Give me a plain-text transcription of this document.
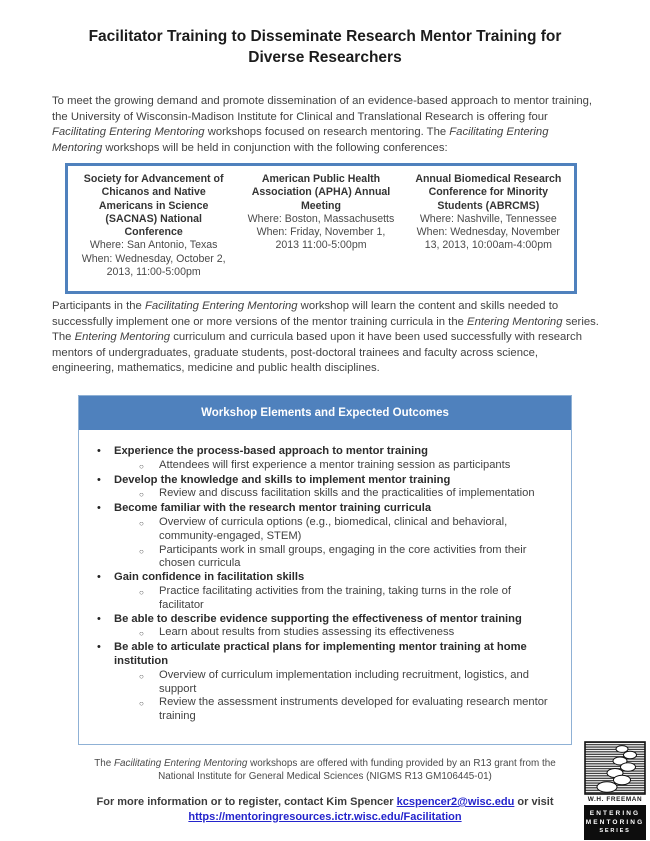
Facilitator Training to Disseminate Research Mentor Training for
Diverse Researchers
To meet the growing demand and promote dissemination of an evidence-based approach to mentor training, the University of Wisconsin-Madison Institute for Clinical and Translational Research is offering four Facilitating Entering Mentoring workshops focused on research mentoring. The Facilitating Entering Mentoring workshops will be held in conjunction with the following conferences:
Society for Advancement of Chicanos and Native Americans in Science (SACNAS) National Conference
Where: San Antonio, Texas
When: Wednesday, October 2, 2013, 11:00-5:00pm
American Public Health Association (APHA) Annual Meeting
Where: Boston, Massachusetts
When: Friday, November 1, 2013 11:00-5:00pm
Annual Biomedical Research Conference for Minority Students (ABRCMS)
Where: Nashville, Tennessee
When: Wednesday, November 13, 2013, 10:00am-4:00pm
Participants in the Facilitating Entering Mentoring workshop will learn the content and skills needed to successfully implement one or more versions of the mentor training curricula in the Entering Mentoring series. The Entering Mentoring curriculum and curricula based upon it have been used successfully with research mentors of undergraduates, graduate students, post-doctoral trainees and faculty across science, engineering, mathematics, medicine and public health disciplines.
Workshop Elements and Expected Outcomes
•	Experience the process-based approach to mentor training
○	Attendees will first experience a mentor training session as participants
•	Develop the knowledge and skills to implement mentor training
○	Review and discuss facilitation skills and the practicalities of implementation
•	Become familiar with the research mentor training curricula
○	Overview of curricula options (e.g., biomedical, clinical and behavioral, community-engaged, STEM)
○	Participants work in small groups, engaging in the core activities from their chosen curricula
•	Gain confidence in facilitation skills
○	Practice facilitating activities from the training, taking turns in the role of facilitator
•	Be able to describe evidence supporting the effectiveness of mentor training
○	Learn about results from studies assessing its effectiveness
•	Be able to articulate practical plans for implementing mentor training at home institution
○	Overview of curriculum implementation including recruitment, logistics, and support
○	Review the assessment instruments developed for evaluating research mentor training
The Facilitating Entering Mentoring workshops are offered with funding provided by an R13 grant from the National Institute for General Medical Sciences (NIGMS R13 GM106445-01)
For more information or to register, contact Kim Spencer kcspencer2@wisc.edu or visit https://mentoringresources.ictr.wisc.edu/Facilitation
W.H. FREEMAN
ENTERING
MENTORING
SERIES
